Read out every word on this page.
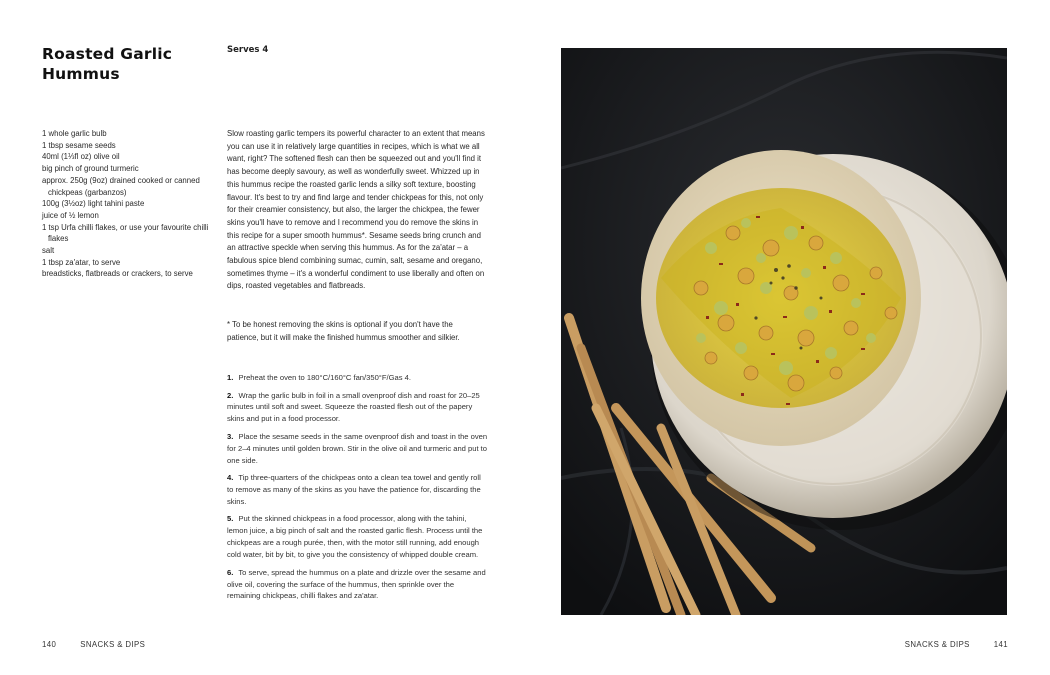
Roasted Garlic
Hummus
Serves 4
1 whole garlic bulb
1 tbsp sesame seeds
40ml (1⅓fl oz) olive oil
big pinch of ground turmeric
approx. 250g (9oz) drained cooked or canned chickpeas (garbanzos)
100g (3½oz) light tahini paste
juice of ½ lemon
1 tsp Urfa chilli flakes, or use your favourite chilli flakes
salt
1 tbsp za'atar, to serve
breadsticks, flatbreads or crackers, to serve

Slow roasting garlic tempers its powerful character to an extent that means you can use it in relatively large quantities in recipes, which is what we all want, right? The softened flesh can then be squeezed out and you'll find it has become deeply savoury, as well as wonderfully sweet. Whizzed up in this hummus recipe the roasted garlic lends a silky soft texture, boosting flavour. It's best to try and find large and tender chickpeas for this, not only for their creamier consistency, but also, the larger the chickpea, the fewer skins you'll have to remove and I recommend you do remove the skins in this recipe for a super smooth hummus*. Sesame seeds bring crunch and an attractive speckle when serving this hummus. As for the za'atar – a fabulous spice blend combining sumac, cumin, salt, sesame and oregano, sometimes thyme – it's a wonderful condiment to use liberally and often on dips, roasted vegetables and flatbreads.

* To be honest removing the skins is optional if you don't have the patience, but it will make the finished hummus smoother and silkier.

1. Preheat the oven to 180°C/160°C fan/350°F/Gas 4.
2. Wrap the garlic bulb in foil in a small ovenproof dish and roast for 20–25 minutes until soft and sweet. Squeeze the roasted flesh out of the papery skins and put in a food processor.
3. Place the sesame seeds in the same ovenproof dish and toast in the oven for 2–4 minutes until golden brown. Stir in the olive oil and turmeric and put to one side.
4. Tip three-quarters of the chickpeas onto a clean tea towel and gently roll to remove as many of the skins as you have the patience for, discarding the skins.
5. Put the skinned chickpeas in a food processor, along with the tahini, lemon juice, a big pinch of salt and the roasted garlic flesh. Process until the chickpeas are a rough purée, then, with the motor still running, add enough cold water, bit by bit, to give you the consistency of whipped double cream.
6. To serve, spread the hummus on a plate and drizzle over the sesame and olive oil, covering the surface of the hummus, then sprinkle over the remaining chickpeas, chilli flakes and za'atar.
140	SNACKS & DIPS	SNACKS & DIPS	141
